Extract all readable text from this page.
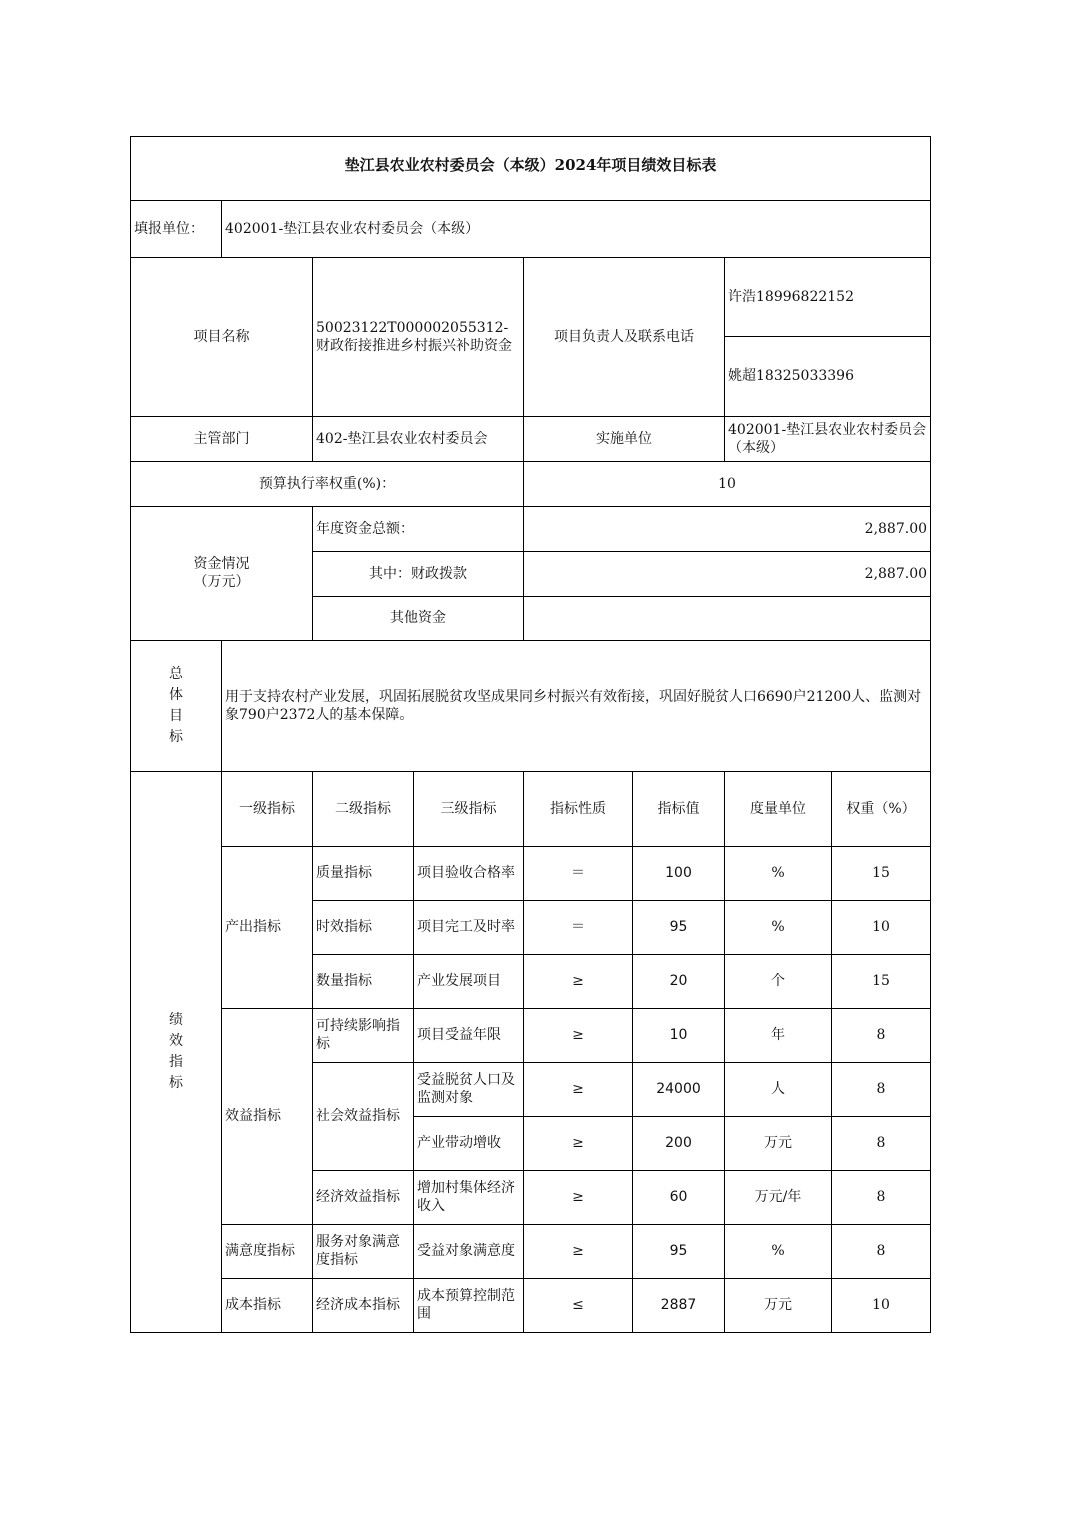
垫江县农业农村委员会（本级）2024年项目绩效目标表							

填报单位：	402001-垫江县农业农村委员会（本级）						
项目名称		50023122T000002055312-财政衔接推进乡村振兴补助资金		项目负责人及联系电话		许浩18996822152	
						姚超18325033396	
主管部门		402-垫江县农业农村委员会		实施单位		402001-垫江县农业农村委员会（本级）	
预算执行率权重(%)：				10			

资金情况
（万元）		年度资金总额：		2,887.00			
		其中：财政拨款		2,887.00			
		其他资金					

总
体
目
标	用于支持农村产业发展，巩固拓展脱贫攻坚成果同乡村振兴有效衔接，巩固好脱贫人口6690户21200人、监测对象790户2372人的基本保障。						

绩
效
指
标	一级指标	二级指标	三级指标	指标性质	指标值	度量单位	权重（%）
	产出指标	质量指标	项目验收合格率	＝	100	%	15
		时效指标	项目完工及时率	＝	95	%	10
		数量指标	产业发展项目	≥	20	个	15
	效益指标	可持续影响指标	项目受益年限	≥	10	年	8
		社会效益指标	受益脱贫人口及监测对象	≥	24000	人	8
			产业带动增收	≥	200	万元	8
		经济效益指标	增加村集体经济收入	≥	60	万元/年	8
	满意度指标	服务对象满意度指标	受益对象满意度	≥	95	%	8
	成本指标	经济成本指标	成本预算控制范围	≤	2887	万元	10
